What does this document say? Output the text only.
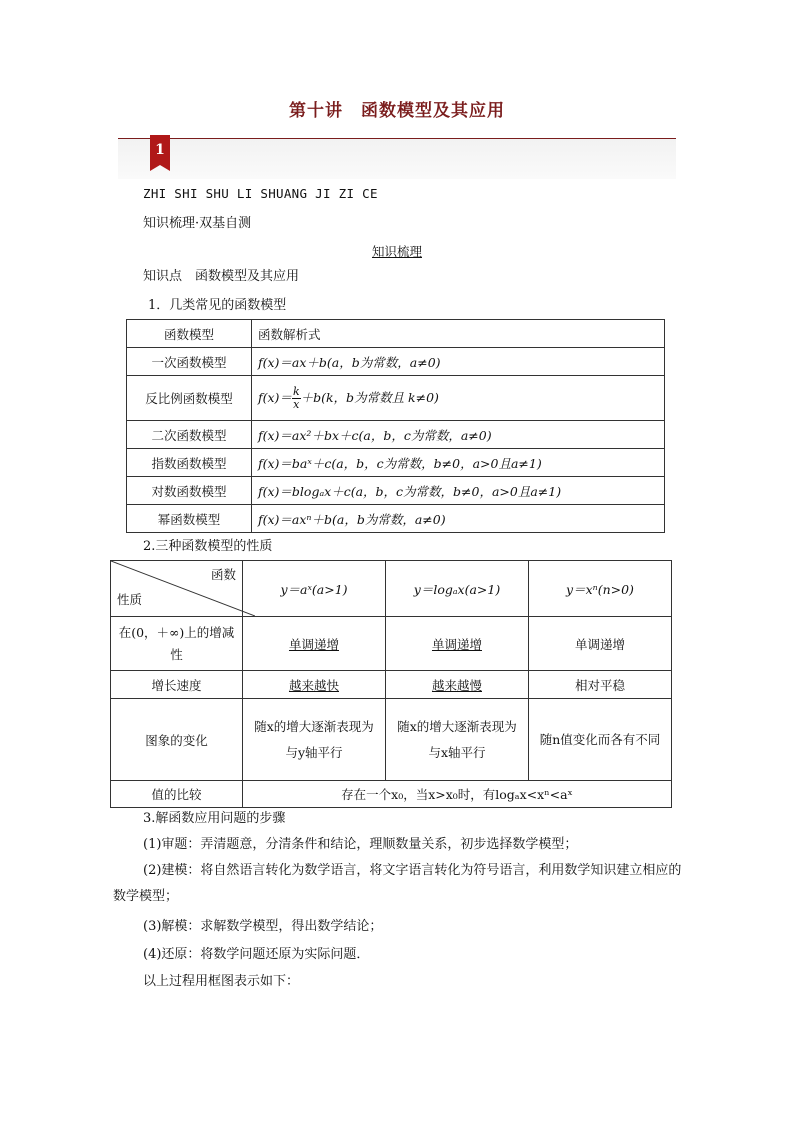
第十讲 函数模型及其应用
1
ZHI SHI SHU LI SHUANG JI ZI CE
知识梳理·双基自测
知识梳理
知识点　函数模型及其应用
1．几类常见的函数模型
函数模型	函数解析式
一次函数模型	f(x)＝ax＋b(a，b为常数，a≠0)
反比例函数模型	$f(x)= \frac{k}{x} +b(k$，b为常数且 k≠0)
二次函数模型	f(x)＝ax²＋bx＋c(a，b，c为常数，a≠0)
指数函数模型	f(x)＝baˣ＋c(a，b，c为常数，b≠0，a>0且a≠1)
对数函数模型	f(x)＝blogₐx＋c(a，b，c为常数，b≠0，a>0且a≠1)
幂函数模型	f(x)＝axⁿ＋b(a，b为常数，a≠0)
2.三种函数模型的性质
函数
性质	y＝aˣ(a>1)	y＝logₐx(a>1)	y＝xⁿ(n>0)
在(0，＋∞)上的增减性	单调递增	单调递增	单调递增
增长速度	越来越快	越来越慢	相对平稳
图象的变化	随x的增大逐渐表现为与y轴平行	随x的增大逐渐表现为与x轴平行	随n值变化而各有不同
值的比较	存在一个x₀，当x>x₀时，有logₐx<xⁿ<aˣ		
3.解函数应用问题的步骤
(1)审题：弄清题意，分清条件和结论，理顺数量关系，初步选择数学模型；
(2)建模：将自然语言转化为数学语言，将文字语言转化为符号语言，利用数学知识建立相应的数学模型；
(3)解模：求解数学模型，得出数学结论；
(4)还原：将数学问题还原为实际问题．
以上过程用框图表示如下：
